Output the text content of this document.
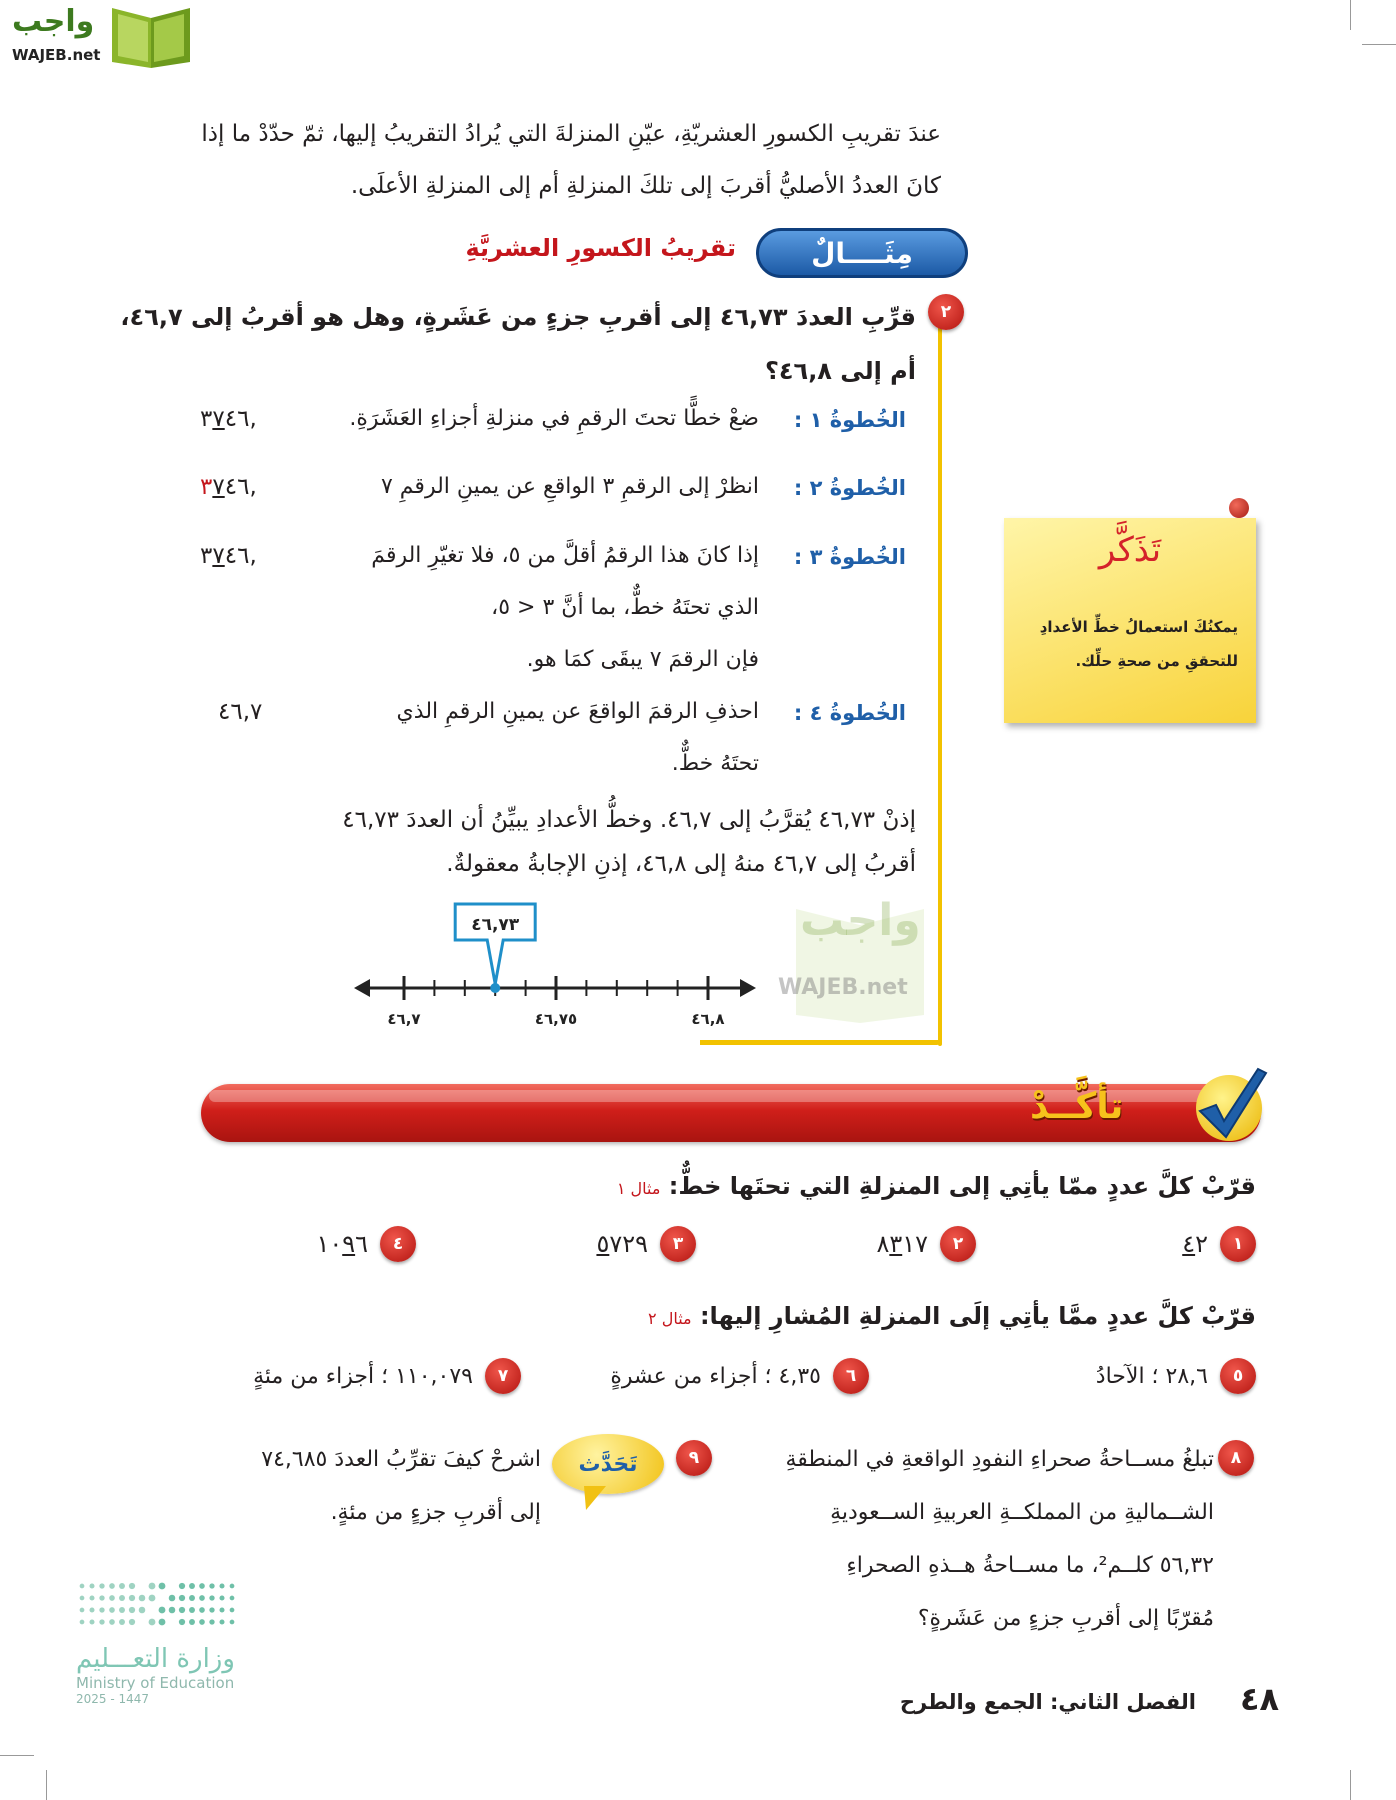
واجب
WAJEB.net
واجب
WAJEB.net
عندَ تقريبِ الكسورِ العشريّةِ، عيّنِ المنزلةَ التي يُرادُ التقريبُ إليها، ثمّ حدّدْ ما إذا
كانَ العددُ الأصليُّ أقربَ إلى تلكَ المنزلةِ أم إلى المنزلةِ الأعلَى.
مِثَــــالٌ
تقريبُ الكسورِ العشريَّةِ
٢
قرِّبِ العددَ ٤٦,٧٣ إلى أقربِ جزءٍ من عَشَرةٍ، وهل هو أقربُ إلى ٤٦,٧،
أم إلى ٤٦,٨؟
الخُطوةُ ١ :
ضعْ خطًّا تحتَ الرقمِ في منزلةِ أجزاءِ العَشَرَةِ.
٣٧٤٦,
الخُطوةُ ٢ :
انظرْ إلى الرقمِ ٣ الواقعِ عن يمينِ الرقمِ ٧
٣٧٤٦,
الخُطوةُ ٣ :
إذا كانَ هذا الرقمُ أقلَّ من ٥، فلا تغيّرِ الرقمَ
الذي تحتَهُ خطٌّ، بما أنَّ ٣ < ٥،
فإن الرقمَ ٧ يبقَى كمَا هو.
٣٧٤٦,
الخُطوةُ ٤ :
احذفِ الرقمَ الواقعَ عن يمينِ الرقمِ الذي
تحتَهُ خطٌّ.
٤٦,٧
إذنْ ٤٦,٧٣ يُقرَّبُ إلى ٤٦,٧. وخطُّ الأعدادِ يبيِّنُ أن العددَ ٤٦,٧٣
أقربُ إلى ٤٦,٧ منهُ إلى ٤٦,٨، إذنِ الإجابةُ معقولةٌ.
٤٦,٧	٤٦,٧٥	٤٦,٨
٤٦,٧٣
تَذَكَّر
يمكنُكَ استعمالُ خطِّ الأعدادِ
للتحققِ من صحةِ حلِّك.
تأكَّــدْ
قرّبْ كلَّ عددٍ ممّا يأتِي إلى المنزلةِ التي تحتَها خطٌّ: مثال ١
١
٤٢
٢
٨٣١٧
٣
٥٧٢٩
٤
١٠٩٦
قرّبْ كلَّ عددٍ ممَّا يأتِي إلَى المنزلةِ المُشارِ إليها: مثال ٢
٥
٢٨,٦ ؛ الآحادُ
٦
٤,٣٥ ؛ أجزاء من عشرةٍ
٧
١١٠,٠٧٩ ؛ أجزاء من مئةٍ
٨
تبلغُ مســاحةُ صحراءِ النفودِ الواقعةِ في المنطقةِ
الشــماليةِ من المملكــةِ العربيةِ الســعوديةِ
٥٦,٣٢ كلــم²، ما مســاحةُ هــذهِ الصحراءِ
مُقرّبًا إلى أقربِ جزءٍ من عَشَرةٍ؟
٩
تَحَدَّث
اشرحْ كيفَ تقرِّبُ العددَ ٧٤,٦٨٥
إلى أقربِ جزءٍ من مئةٍ.
وزارة التعـــليم
Ministry of Education
2025 - 1447	٤٨
الفصل الثاني: الجمع والطرح
